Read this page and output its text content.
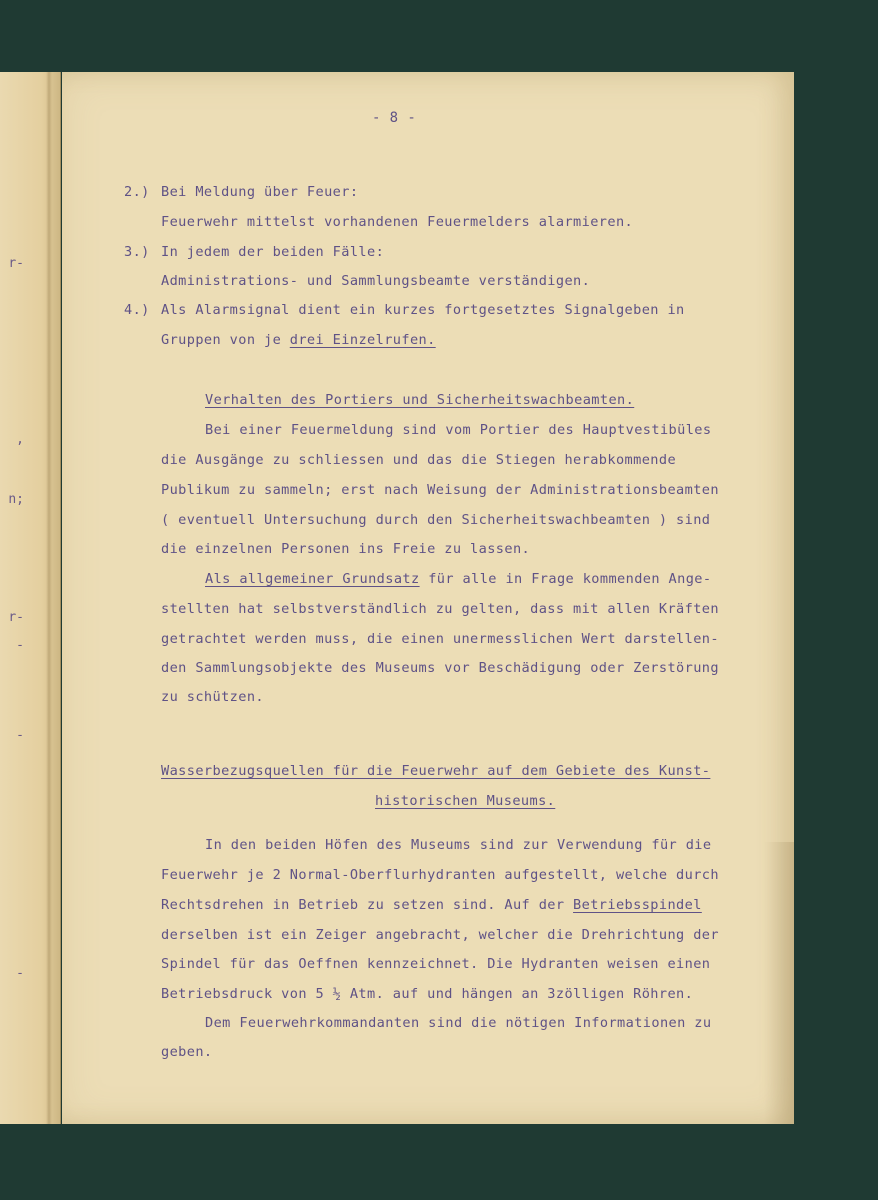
r-
,
n;
r-
-
-
-
- 8 -
2.) Bei Meldung über Feuer:
Feuerwehr mittelst vorhandenen Feuermelders alarmieren.
3.) In jedem der beiden Fälle:
Administrations- und Sammlungsbeamte verständigen.
4.) Als Alarmsignal dient ein kurzes fortgesetztes Signalgeben in
Gruppen von je drei Einzelrufen.
Verhalten des Portiers und Sicherheitswachbeamten.
Bei einer Feuermeldung sind vom Portier des Hauptvestibüles
die Ausgänge zu schliessen und das die Stiegen herabkommende
Publikum zu sammeln; erst nach Weisung der Administrationsbeamten
( eventuell Untersuchung durch den Sicherheitswachbeamten ) sind
die einzelnen Personen ins Freie zu lassen.
Als allgemeiner Grundsatz für alle in Frage kommenden Ange-
stellten hat selbstverständlich zu gelten, dass mit allen Kräften
getrachtet werden muss, die einen unermesslichen Wert darstellen-
den Sammlungsobjekte des Museums vor Beschädigung oder Zerstörung
zu schützen.
Wasserbezugsquellen für die Feuerwehr auf dem Gebiete des Kunst-
historischen Museums.
In den beiden Höfen des Museums sind zur Verwendung für die
Feuerwehr je 2 Normal-Oberflurhydranten aufgestellt, welche durch
Rechtsdrehen in Betrieb zu setzen sind. Auf der Betriebsspindel
derselben ist ein Zeiger angebracht, welcher die Drehrichtung der
Spindel für das Oeffnen kennzeichnet. Die Hydranten weisen einen
Betriebsdruck von 5 ½ Atm. auf und hängen an 3zölligen Röhren.
Dem Feuerwehrkommandanten sind die nötigen Informationen zu
geben.
